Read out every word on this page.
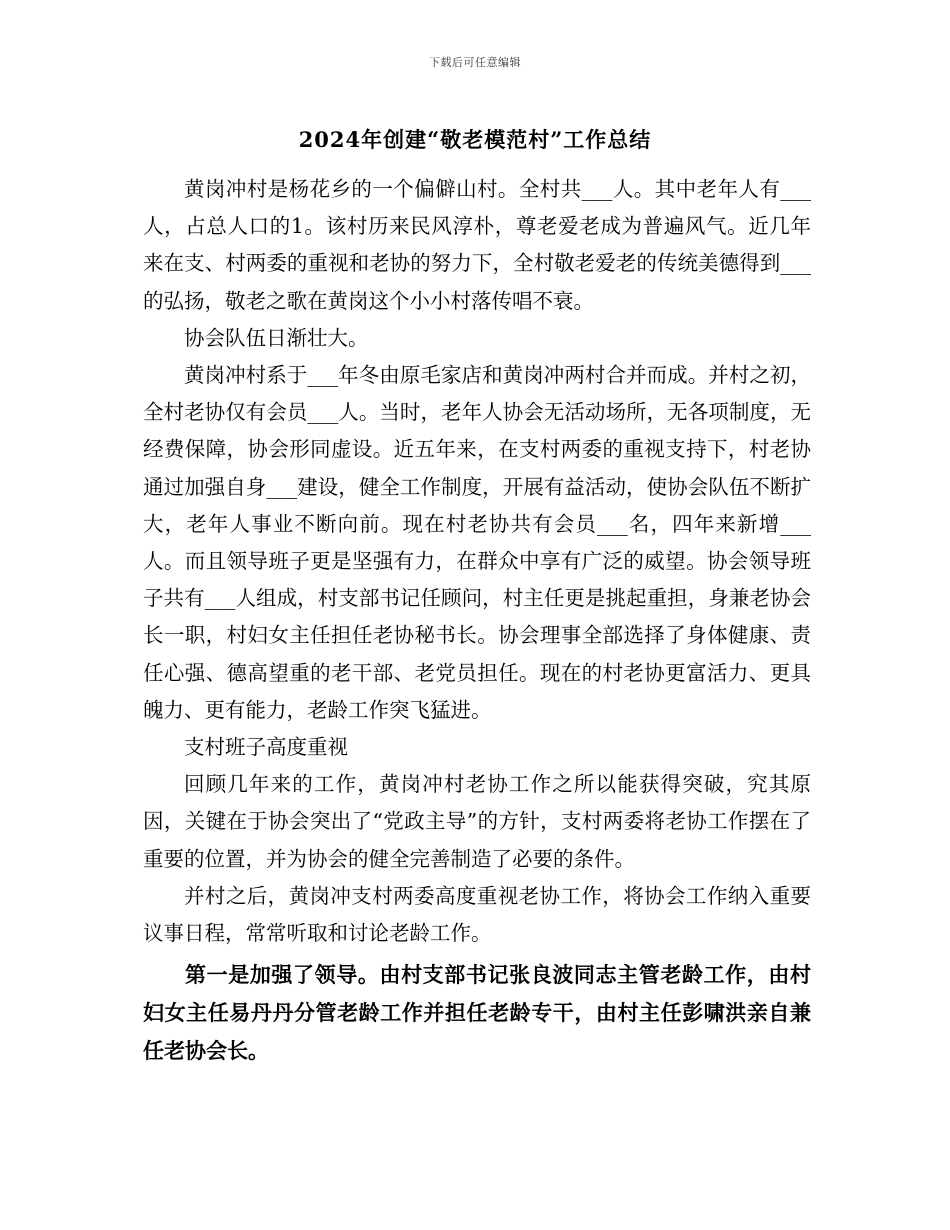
下载后可任意编辑
2024年创建“敬老模范村”工作总结

黄岗冲村是杨花乡的一个偏僻山村。全村共___人。其中老年人有___人，占总人口的1。该村历来民风淳朴，尊老爱老成为普遍风气。近几年来在支、村两委的重视和老协的努力下，全村敬老爱老的传统美德得到___的弘扬，敬老之歌在黄岗这个小小村落传唱不衰。

协会队伍日渐壮大。

黄岗冲村系于___年冬由原毛家店和黄岗冲两村合并而成。并村之初，全村老协仅有会员___人。当时，老年人协会无活动场所，无各项制度，无经费保障，协会形同虚设。近五年来，在支村两委的重视支持下，村老协通过加强自身___建设，健全工作制度，开展有益活动，使协会队伍不断扩大，老年人事业不断向前。现在村老协共有会员___名，四年来新增___人。而且领导班子更是坚强有力，在群众中享有广泛的威望。协会领导班子共有___人组成，村支部书记任顾问，村主任更是挑起重担，身兼老协会长一职，村妇女主任担任老协秘书长。协会理事全部选择了身体健康、责任心强、德高望重的老干部、老党员担任。现在的村老协更富活力、更具魄力、更有能力，老龄工作突飞猛进。

支村班子高度重视

回顾几年来的工作，黄岗冲村老协工作之所以能获得突破，究其原因，关键在于协会突出了“党政主导”的方针，支村两委将老协工作摆在了重要的位置，并为协会的健全完善制造了必要的条件。

并村之后，黄岗冲支村两委高度重视老协工作，将协会工作纳入重要议事日程，常常听取和讨论老龄工作。

第一是加强了领导。由村支部书记张良波同志主管老龄工作，由村妇女主任易丹丹分管老龄工作并担任老龄专干，由村主任彭啸洪亲自兼任老协会长。
